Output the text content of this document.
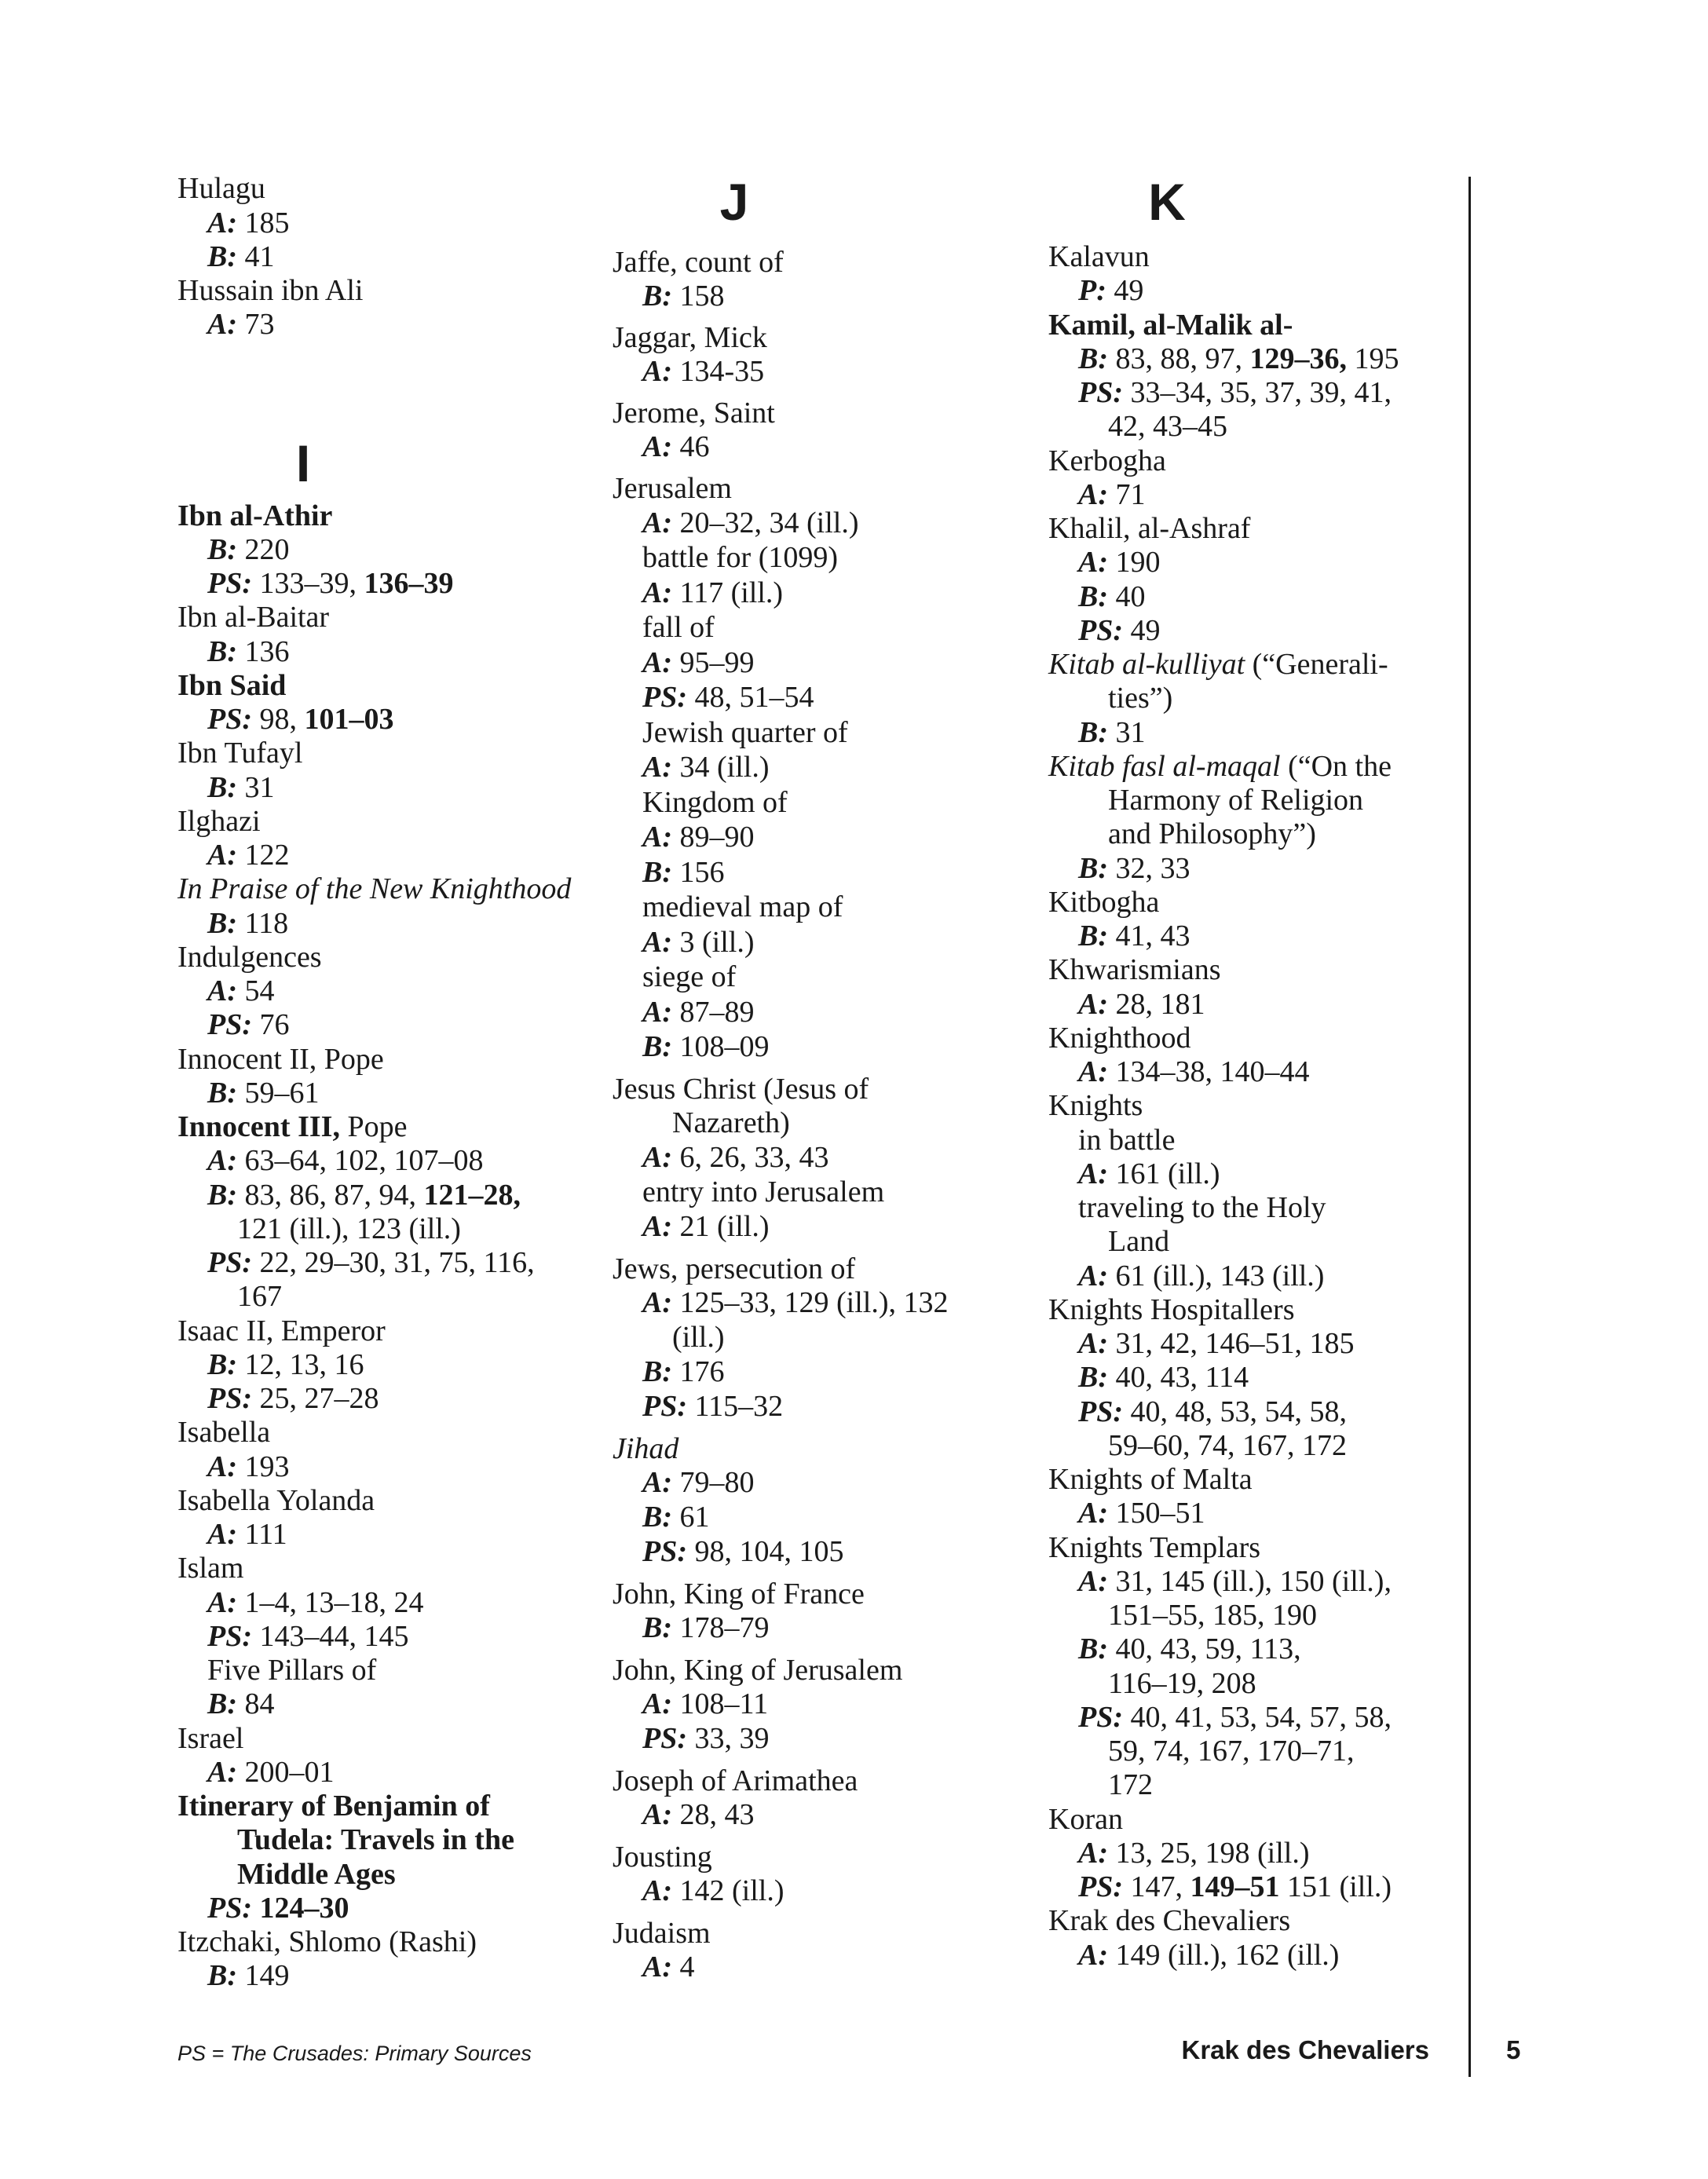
I
Hulagu
A: 185
B: 41
Hussain ibn Ali
A: 73
Ibn al-Athir
B: 220
PS: 133–39, 136–39
Ibn al-Baitar
B: 136
Ibn Said
PS: 98, 101–03
Ibn Tufayl
B: 31
Ilghazi
A: 122
In Praise of the New Knighthood
B: 118
Indulgences
A: 54
PS: 76
Innocent II, Pope
B: 59–61
Innocent III, Pope
A: 63–64, 102, 107–08
B: 83, 86, 87, 94, 121–28,
121 (ill.), 123 (ill.)
PS: 22, 29–30, 31, 75, 116,
167
Isaac II, Emperor
B: 12, 13, 16
PS: 25, 27–28
Isabella
A: 193
Isabella Yolanda
A: 111
Islam
A: 1–4, 13–18, 24
PS: 143–44, 145
Five Pillars of
B: 84
Israel
A: 200–01
Itinerary of Benjamin of
Tudela: Travels in the
Middle Ages
PS: 124–30
Itzchaki, Shlomo (Rashi)
B: 149
J
Jaffe, count of
B: 158
Jaggar, Mick
A: 134-35
Jerome, Saint
A: 46
Jerusalem
A: 20–32, 34 (ill.)
battle for (1099)
A: 117 (ill.)
fall of
A: 95–99
PS: 48, 51–54
Jewish quarter of
A: 34 (ill.)
Kingdom of
A: 89–90
B: 156
medieval map of
A: 3 (ill.)
siege of
A: 87–89
B: 108–09
Jesus Christ (Jesus of
Nazareth)
A: 6, 26, 33, 43
entry into Jerusalem
A: 21 (ill.)
Jews, persecution of
A: 125–33, 129 (ill.), 132
(ill.)
B: 176
PS: 115–32
Jihad
A: 79–80
B: 61
PS: 98, 104, 105
John, King of France
B: 178–79
John, King of Jerusalem
A: 108–11
PS: 33, 39
Joseph of Arimathea
A: 28, 43
Jousting
A: 142 (ill.)
Judaism
A: 4
K
Kalavun
P: 49
Kamil, al-Malik al-
B: 83, 88, 97, 129–36, 195
PS: 33–34, 35, 37, 39, 41,
42, 43–45
Kerbogha
A: 71
Khalil, al-Ashraf
A: 190
B: 40
PS: 49
Kitab al-kulliyat (“Generali-
ties”)
B: 31
Kitab fasl al-maqal (“On the
Harmony of Religion
and Philosophy”)
B: 32, 33
Kitbogha
B: 41, 43
Khwarismians
A: 28, 181
Knighthood
A: 134–38, 140–44
Knights
in battle
A: 161 (ill.)
traveling to the Holy
Land
A: 61 (ill.), 143 (ill.)
Knights Hospitallers
A: 31, 42, 146–51, 185
B: 40, 43, 114
PS: 40, 48, 53, 54, 58,
59–60, 74, 167, 172
Knights of Malta
A: 150–51
Knights Templars
A: 31, 145 (ill.), 150 (ill.),
151–55, 185, 190
B: 40, 43, 59, 113,
116–19, 208
PS: 40, 41, 53, 54, 57, 58,
59, 74, 167, 170–71,
172
Koran
A: 13, 25, 198 (ill.)
PS: 147, 149–51 151 (ill.)
Krak des Chevaliers
A: 149 (ill.), 162 (ill.)
PS = The Crusades: Primary Sources	Krak des Chevaliers	5
